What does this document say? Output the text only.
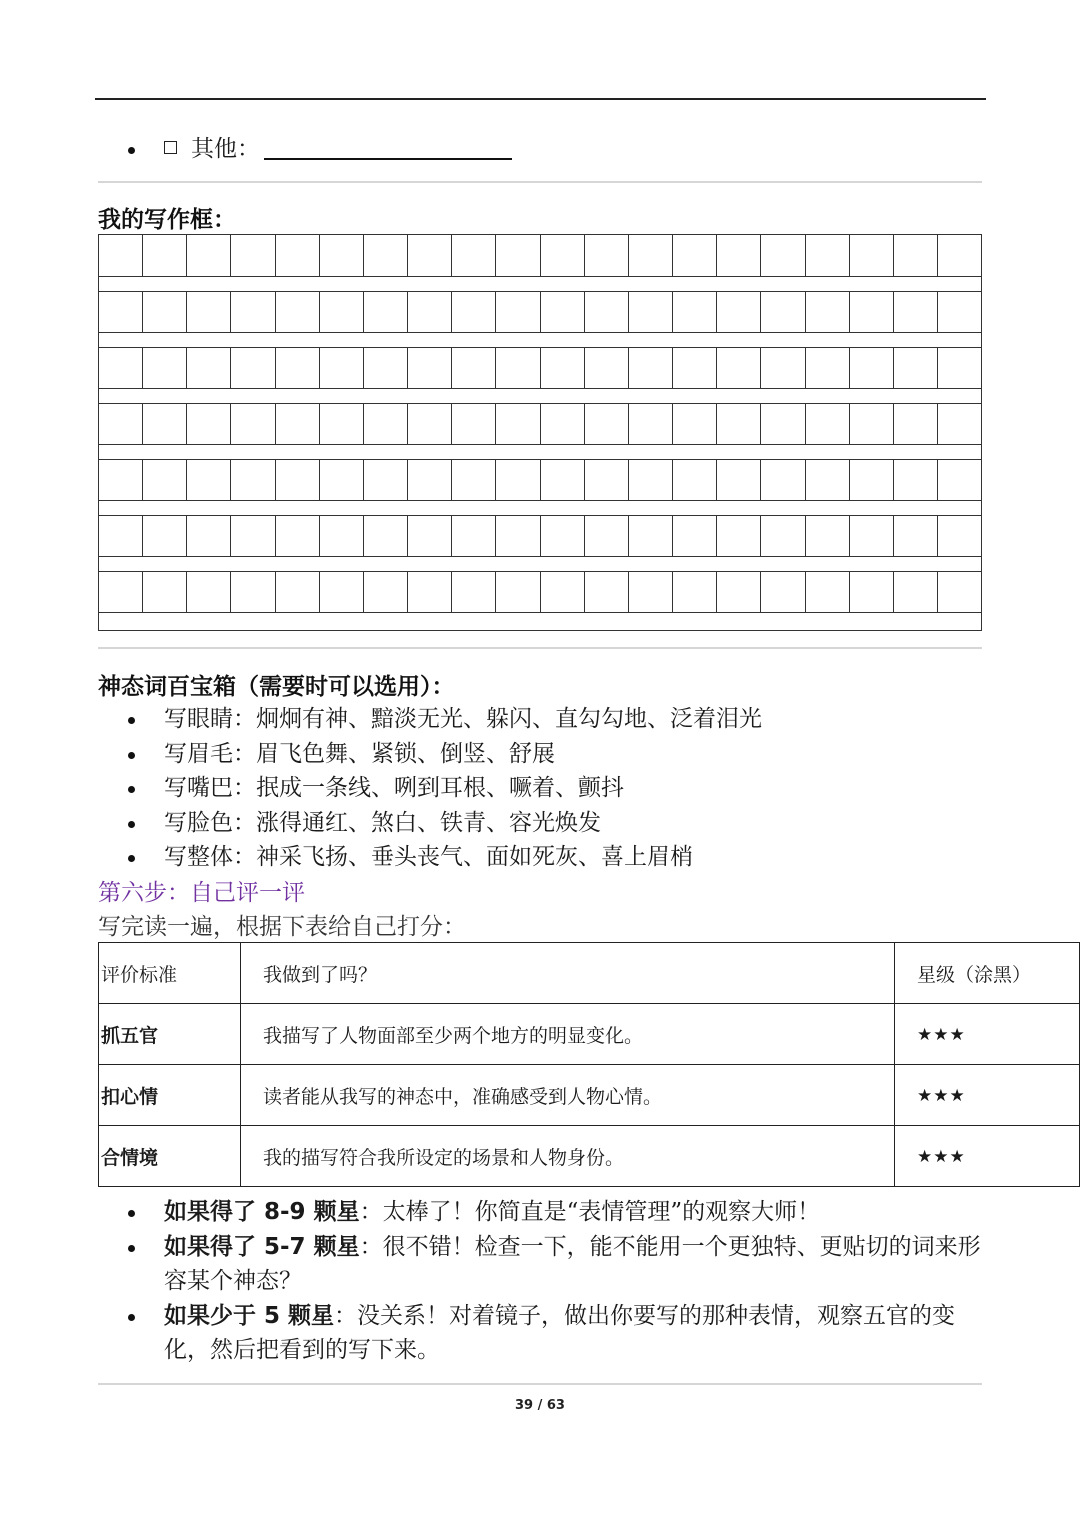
其他：
我的写作框：
神态词百宝箱（需要时可以选用）：
写眼睛：炯炯有神、黯淡无光、躲闪、直勾勾地、泛着泪光
写眉毛：眉飞色舞、紧锁、倒竖、舒展
写嘴巴：抿成一条线、咧到耳根、噘着、颤抖
写脸色：涨得通红、煞白、铁青、容光焕发
写整体：神采飞扬、垂头丧气、面如死灰、喜上眉梢
第六步：自己评一评
写完读一遍，根据下表给自己打分：
评价标准	我做到了吗？	星级（涂黑）
抓五官	我描写了人物面部至少两个地方的明显变化。	★★★
扣心情	读者能从我写的神态中，准确感受到人物心情。	★★★
合情境	我的描写符合我所设定的场景和人物身份。	★★★
如果得了 8-9 颗星：太棒了！你简直是“表情管理”的观察大师！
如果得了 5-7 颗星：很不错！检查一下，能不能用一个更独特、更贴切的词来形容某个神态？
如果少于 5 颗星：没关系！对着镜子，做出你要写的那种表情，观察五官的变化，然后把看到的写下来。
39 / 63
